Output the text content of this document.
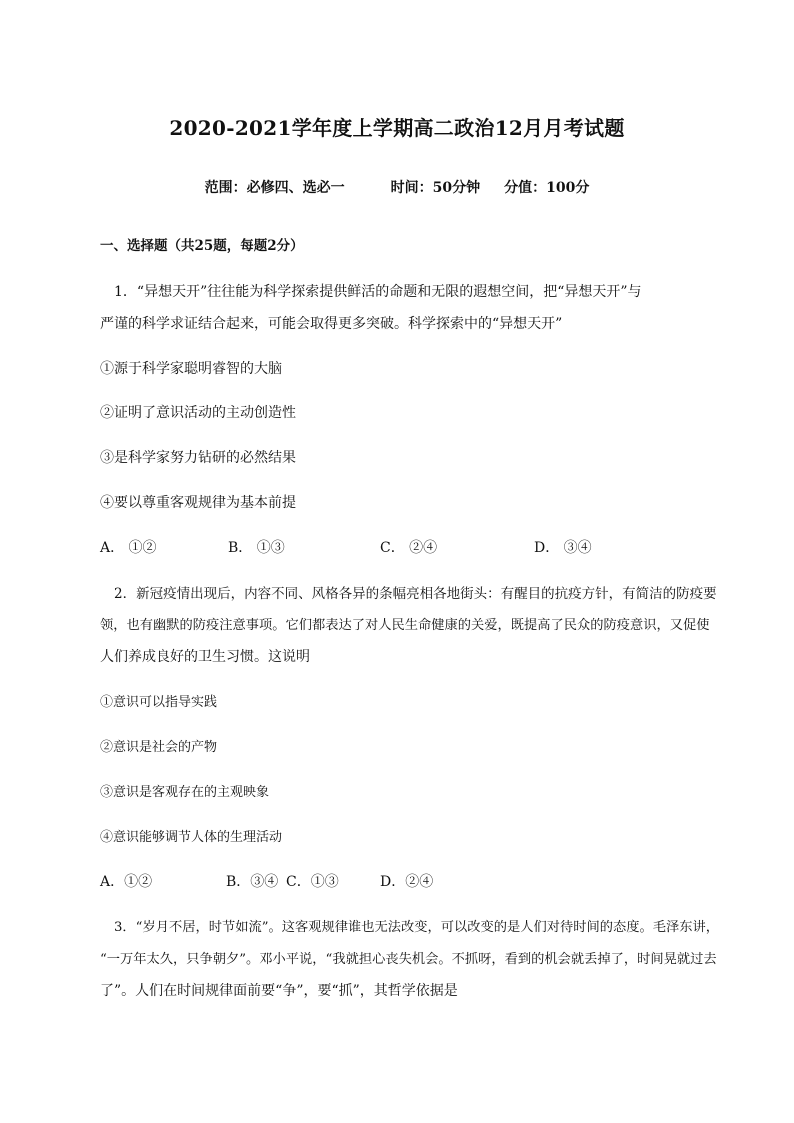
2020-2021学年度上学期高二政治12月月考试题
范围：必修四、选必一	时间：50分钟 分值：100分
一、选择题（共25题，每题2分）
1．“异想天开”往往能为科学探索提供鲜活的命题和无限的遐想空间，把“异想天开”与
严谨的科学求证结合起来，可能会取得更多突破。科学探索中的“异想天开”
①源于科学家聪明睿智的大脑
②证明了意识活动的主动创造性
③是科学家努力钻研的必然结果
④要以尊重客观规律为基本前提
A． ①②	B． ①③	C． ②④	D． ③④
2．新冠疫情出现后，内容不同、风格各异的条幅亮相各地街头：有醒目的抗疫方针，有简洁的防疫要
领，也有幽默的防疫注意事项。它们都表达了对人民生命健康的关爱，既提高了民众的防疫意识，又促使
人们养成良好的卫生习惯。这说明
①意识可以指导实践
②意识是社会的产物
③意识是客观存在的主观映象
④意识能够调节人体的生理活动
A．①②	B．③④ C．①③	D．②④
3．“岁月不居，时节如流”。这客观规律谁也无法改变，可以改变的是人们对待时间的态度。毛泽东讲，
“一万年太久，只争朝夕”。邓小平说，“我就担心丧失机会。不抓呀，看到的机会就丢掉了，时间晃就过去
了”。人们在时间规律面前要“争”，要“抓”，其哲学依据是
